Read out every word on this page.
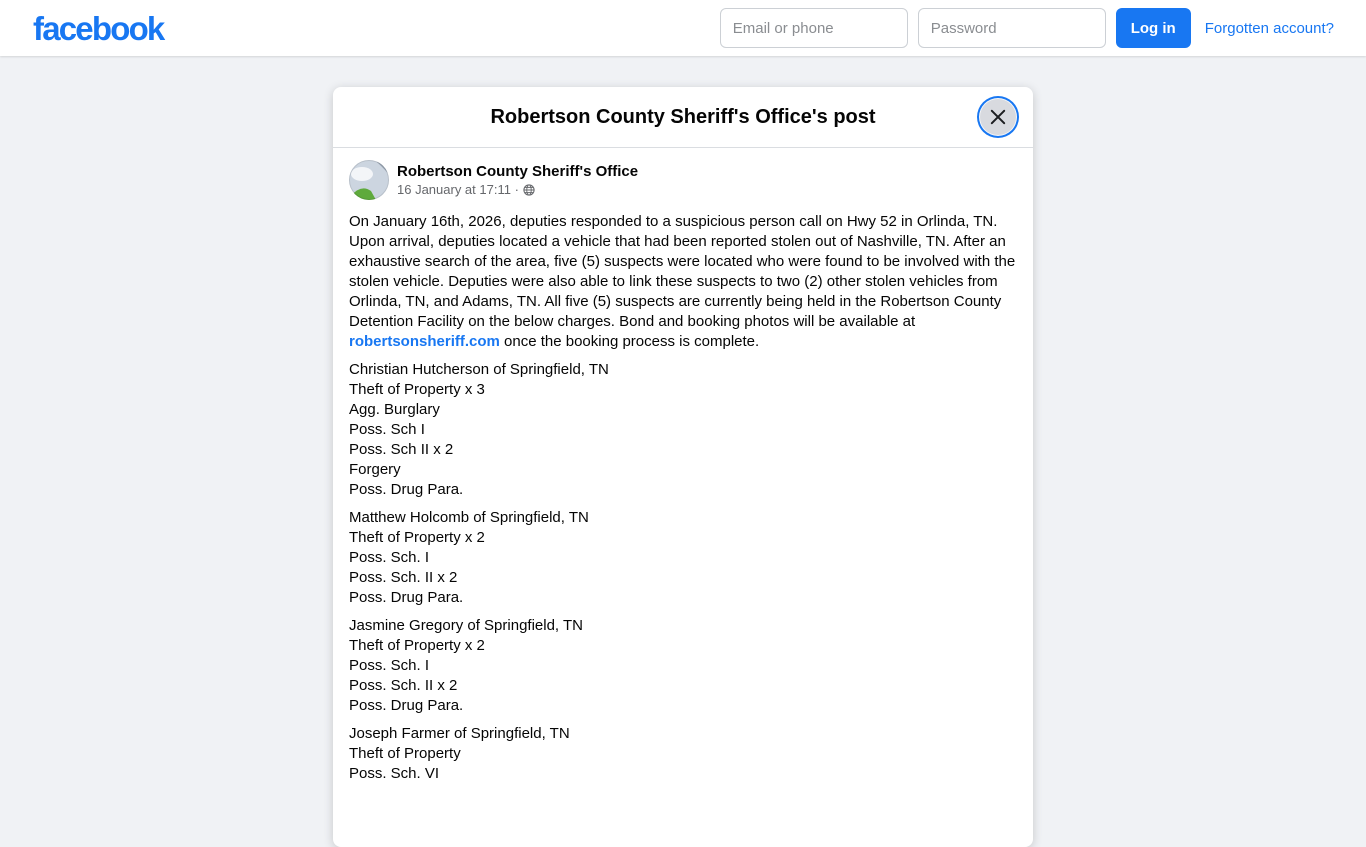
facebook
Email or phone	Log in	Forgotten account?
Robertson County Sheriff's Office's post
Robertson County Sheriff's Office
16 January at 17:11 ·

On January 16th, 2026, deputies responded to a suspicious person call on Hwy 52 in Orlinda, TN. Upon arrival, deputies located a vehicle that had been reported stolen out of Nashville, TN. After an exhaustive search of the area, five (5) suspects were located who were found to be involved with the stolen vehicle. Deputies were also able to link these suspects to two (2) other stolen vehicles from Orlinda, TN, and Adams, TN. All five (5) suspects are currently being held in the Robertson County Detention Facility on the below charges. Bond and booking photos will be available at robertsonsheriff.com once the booking process is complete.

Christian Hutcherson of Springfield, TN
Theft of Property x 3
Agg. Burglary
Poss. Sch I
Poss. Sch II x 2
Forgery
Poss. Drug Para.
Matthew Holcomb of Springfield, TN
Theft of Property x 2
Poss. Sch. I
Poss. Sch. II x 2
Poss. Drug Para.
Jasmine Gregory of Springfield, TN
Theft of Property x 2
Poss. Sch. I
Poss. Sch. II x 2
Poss. Drug Para.
Joseph Farmer of Springfield, TN
Theft of Property
Poss. Sch. VI
